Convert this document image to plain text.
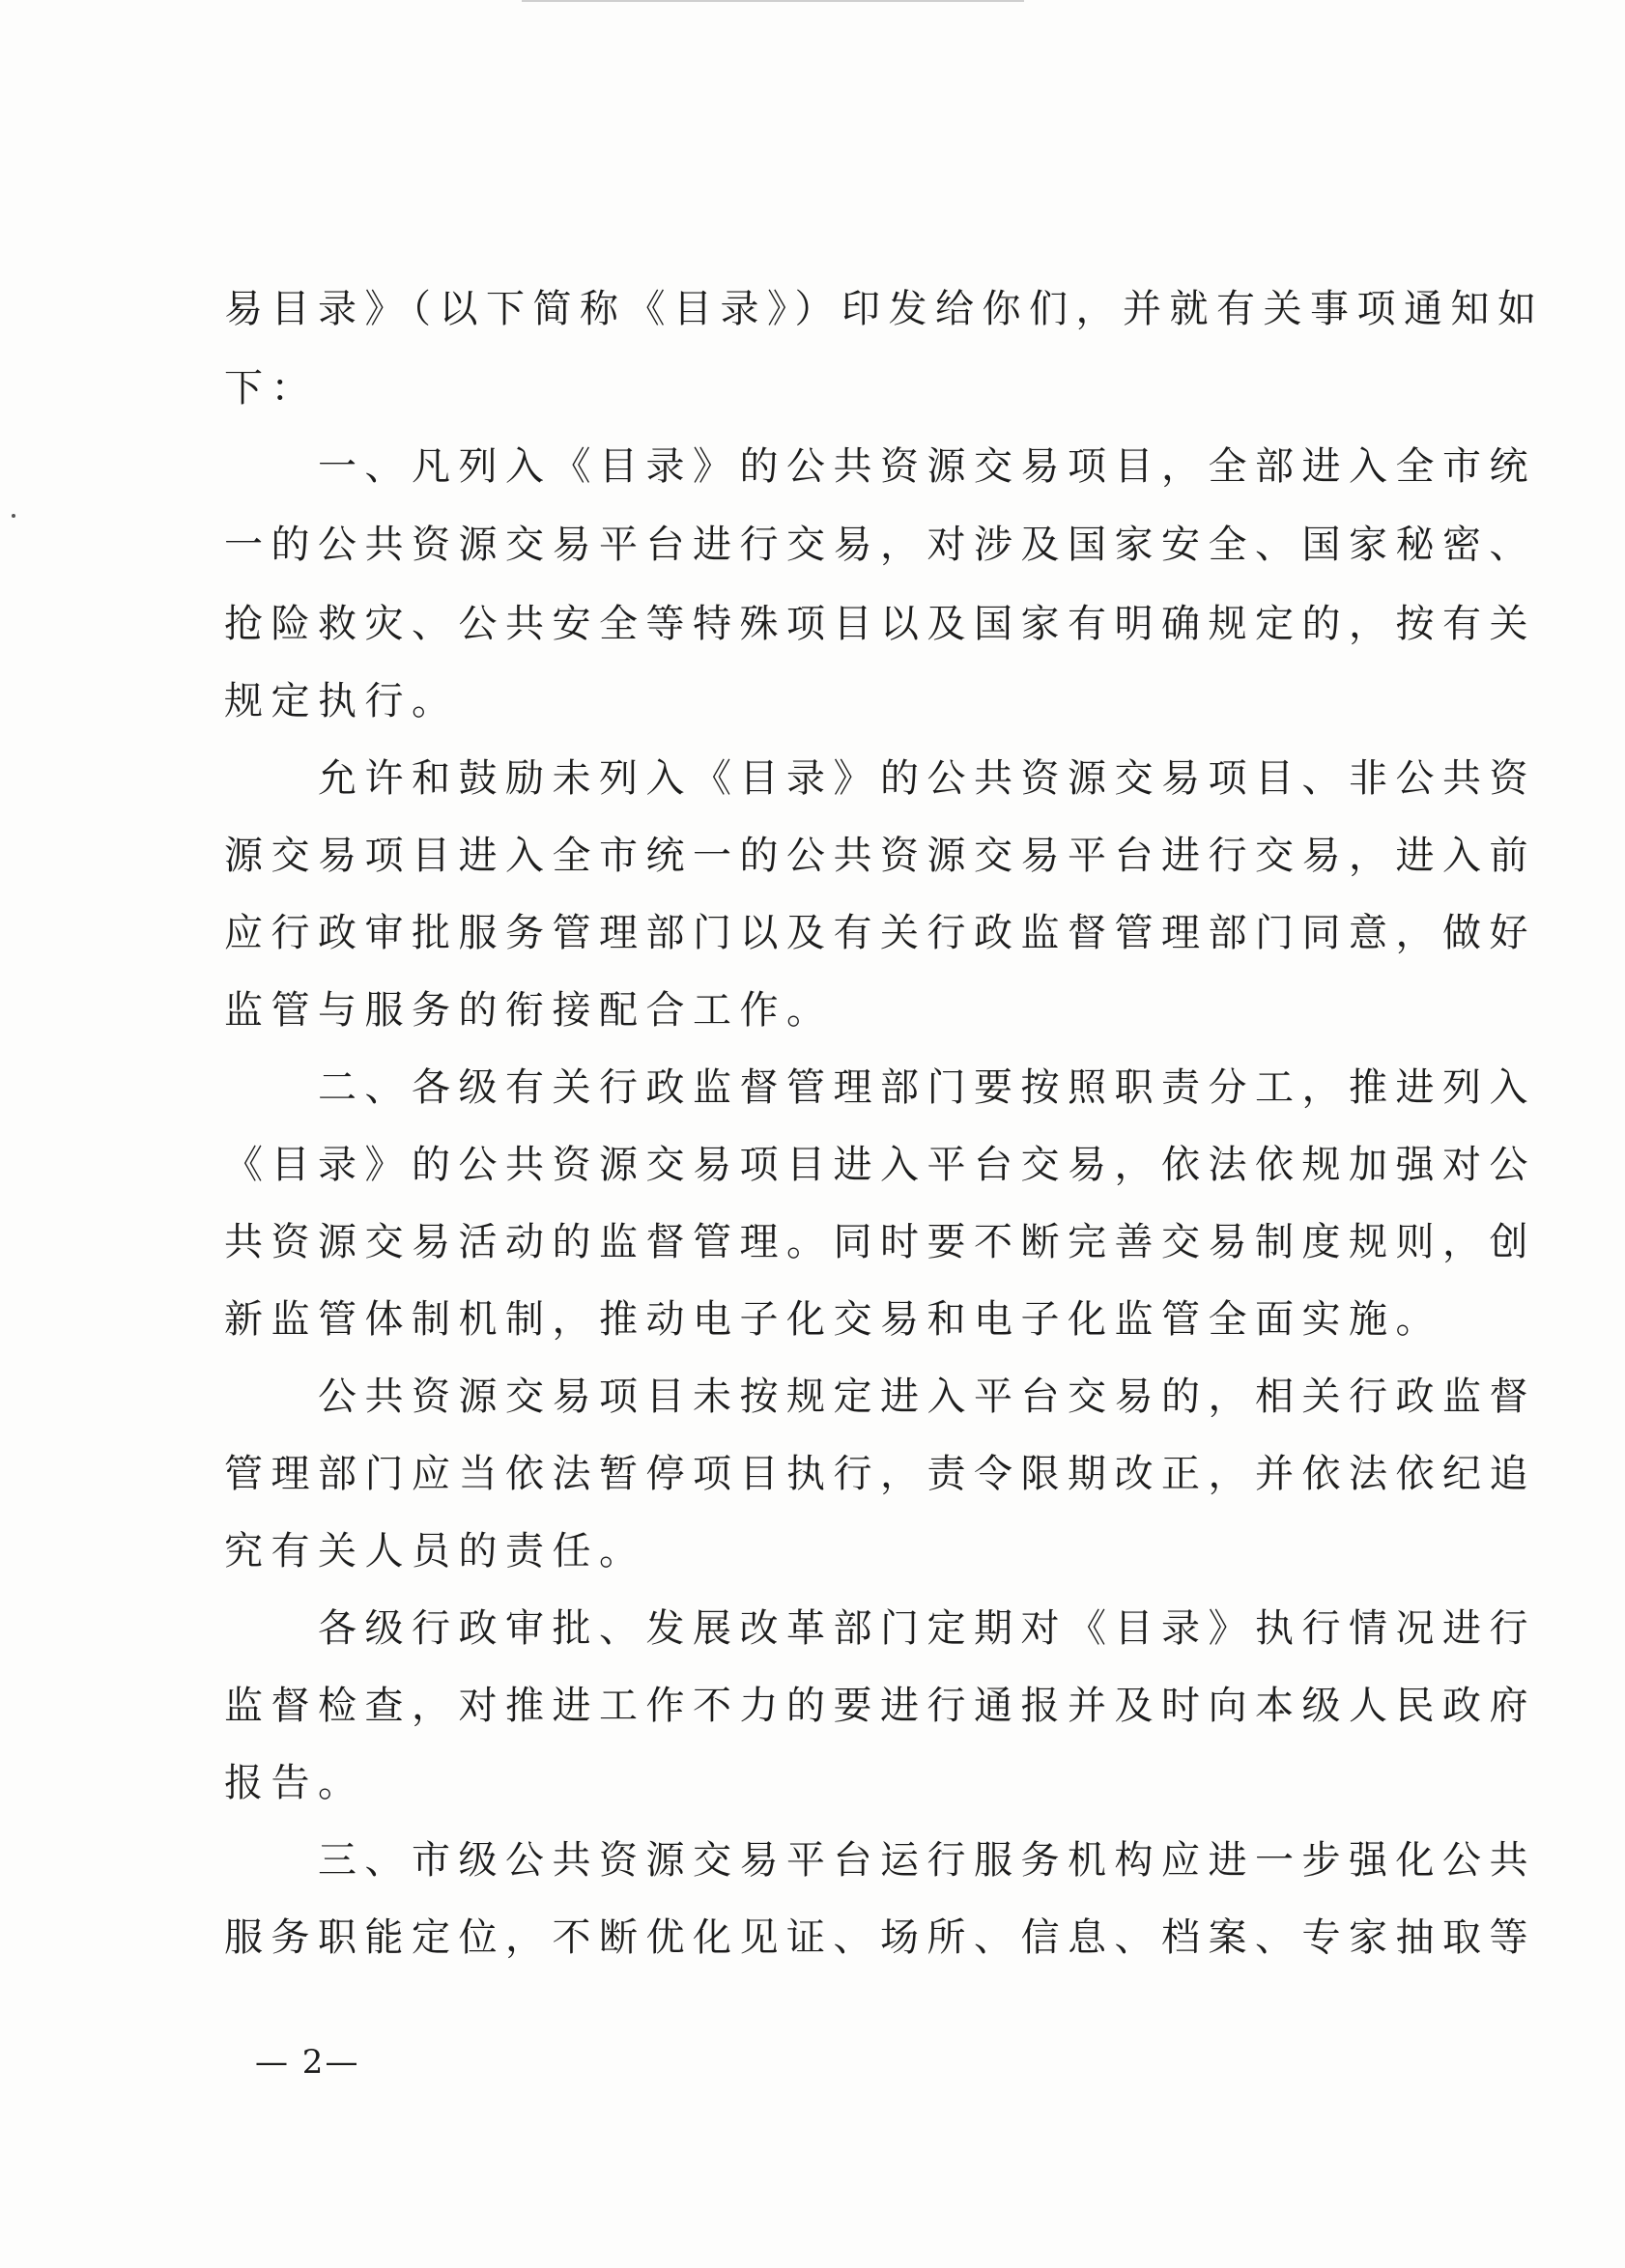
易目录》（以下简称《目录》）印发给你们，并就有关事项通知如
下：
　　一、凡列入《目录》的公共资源交易项目，全部进入全市统
一的公共资源交易平台进行交易，对涉及国家安全、国家秘密、
抢险救灾、公共安全等特殊项目以及国家有明确规定的，按有关
规定执行。
　　允许和鼓励未列入《目录》的公共资源交易项目、非公共资
源交易项目进入全市统一的公共资源交易平台进行交易，进入前
应行政审批服务管理部门以及有关行政监督管理部门同意，做好
监管与服务的衔接配合工作。
　　二、各级有关行政监督管理部门要按照职责分工，推进列入
《目录》的公共资源交易项目进入平台交易，依法依规加强对公
共资源交易活动的监督管理。同时要不断完善交易制度规则，创
新监管体制机制，推动电子化交易和电子化监管全面实施。
　　公共资源交易项目未按规定进入平台交易的，相关行政监督
管理部门应当依法暂停项目执行，责令限期改正，并依法依纪追
究有关人员的责任。
　　各级行政审批、发展改革部门定期对《目录》执行情况进行
监督检查，对推进工作不力的要进行通报并及时向本级人民政府
报告。
　　三、市级公共资源交易平台运行服务机构应进一步强化公共
服务职能定位，不断优化见证、场所、信息、档案、专家抽取等
— 2—
